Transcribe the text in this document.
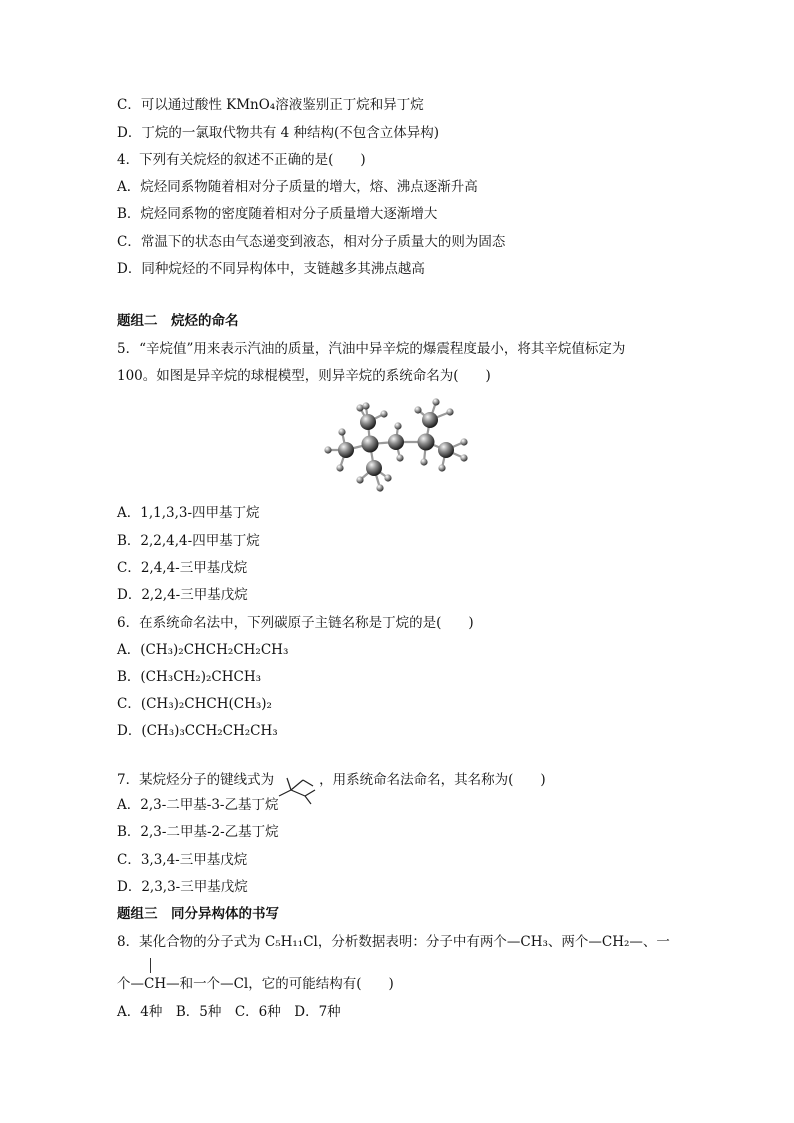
C．可以通过酸性 KMnO₄溶液鉴别正丁烷和异丁烷
D．丁烷的一氯取代物共有 4 种结构(不包含立体异构)
4．下列有关烷烃的叙述不正确的是(　　)
A．烷烃同系物随着相对分子质量的增大，熔、沸点逐渐升高
B．烷烃同系物的密度随着相对分子质量增大逐渐增大
C．常温下的状态由气态递变到液态，相对分子质量大的则为固态
D．同种烷烃的不同异构体中，支链越多其沸点越高
题组二　烷烃的命名
5．“辛烷值”用来表示汽油的质量，汽油中异辛烷的爆震程度最小，将其辛烷值标定为
100。如图是异辛烷的球棍模型，则异辛烷的系统命名为(　　)
A．1,1,3,3-四甲基丁烷
B．2,2,4,4-四甲基丁烷
C．2,4,4-三甲基戊烷
D．2,2,4-三甲基戊烷
6．在系统命名法中，下列碳原子主链名称是丁烷的是(　　)
A．(CH₃)₂CHCH₂CH₂CH₃
B．(CH₃CH₂)₂CHCH₃
C．(CH₃)₂CHCH(CH₃)₂
D．(CH₃)₃CCH₂CH₂CH₃
7．某烷烃分子的键线式为	，用系统命名法命名，其名称为(　　)
A．2,3-二甲基-3-乙基丁烷
B．2,3-二甲基-2-乙基丁烷
C．3,3,4-三甲基戊烷
D．2,3,3-三甲基戊烷
题组三　同分异构体的书写
8．某化合物的分子式为 C₅H₁₁Cl，分析数据表明：分子中有两个—CH₃、两个—CH₂—、一
个—CH—和一个—Cl，它的可能结构有(　　)
A．4种　B．5种　C．6种　D．7种
